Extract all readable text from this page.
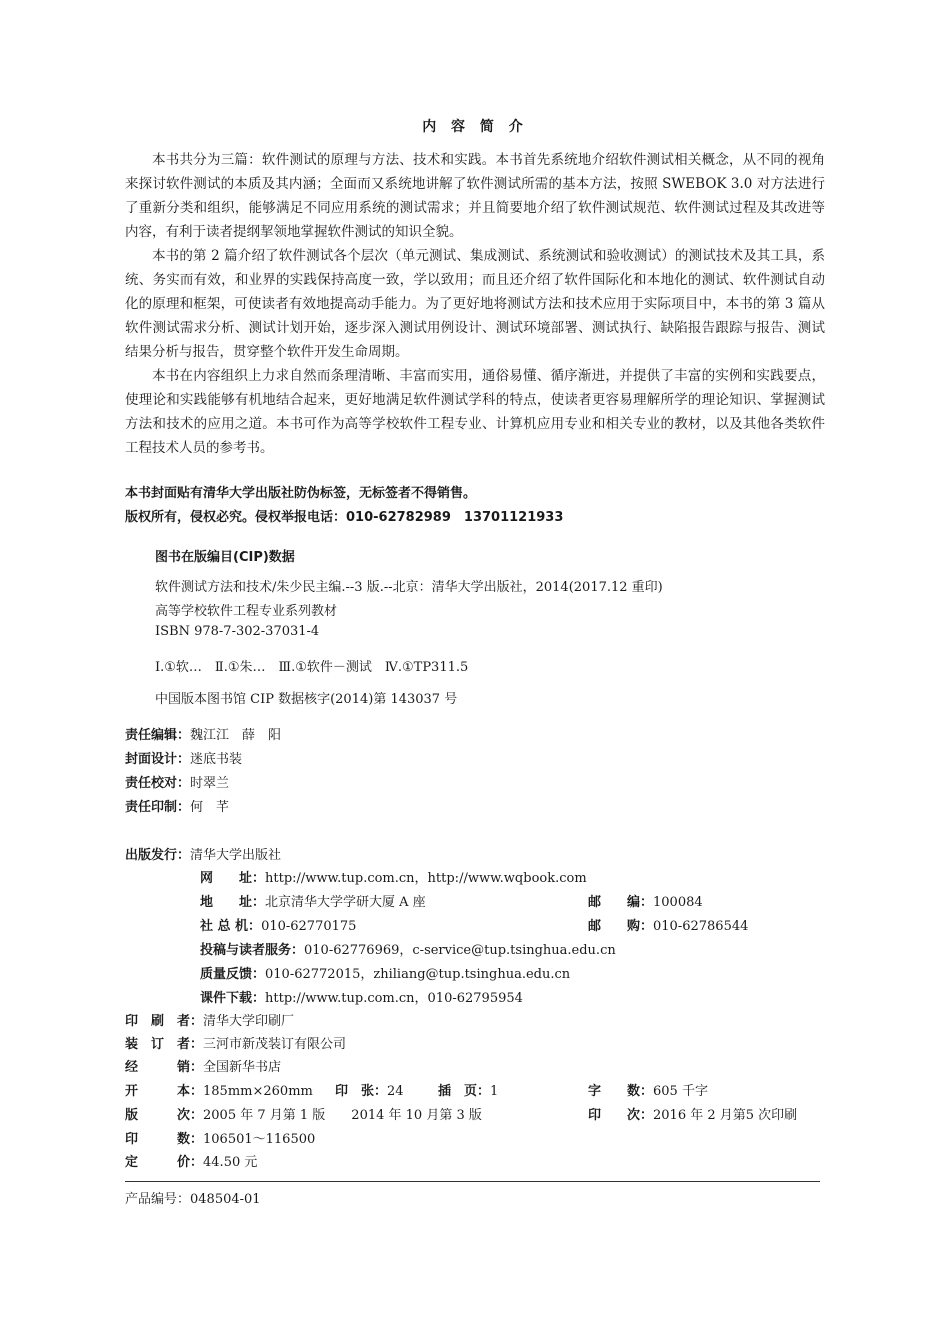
内 容 简 介

本书共分为三篇：软件测试的原理与方法、技术和实践。本书首先系统地介绍软件测试相关概念，从不同的视角来探讨软件测试的本质及其内涵；全面而又系统地讲解了软件测试所需的基本方法，按照 SWEBOK 3.0 对方法进行了重新分类和组织，能够满足不同应用系统的测试需求；并且简要地介绍了软件测试规范、软件测试过程及其改进等内容，有利于读者提纲挈领地掌握软件测试的知识全貌。

本书的第 2 篇介绍了软件测试各个层次（单元测试、集成测试、系统测试和验收测试）的测试技术及其工具，系统、务实而有效，和业界的实践保持高度一致，学以致用；而且还介绍了软件国际化和本地化的测试、软件测试自动化的原理和框架，可使读者有效地提高动手能力。为了更好地将测试方法和技术应用于实际项目中，本书的第 3 篇从软件测试需求分析、测试计划开始，逐步深入测试用例设计、测试环境部署、测试执行、缺陷报告跟踪与报告、测试结果分析与报告，贯穿整个软件开发生命周期。

本书在内容组织上力求自然而条理清晰、丰富而实用，通俗易懂、循序渐进，并提供了丰富的实例和实践要点，使理论和实践能够有机地结合起来，更好地满足软件测试学科的特点，使读者更容易理解所学的理论知识、掌握测试方法和技术的应用之道。本书可作为高等学校软件工程专业、计算机应用专业和相关专业的教材，以及其他各类软件工程技术人员的参考书。

本书封面贴有清华大学出版社防伪标签，无标签者不得销售。
版权所有，侵权必究。侵权举报电话：010-62782989　13701121933
图书在版编目(CIP)数据
软件测试方法和技术/朱少民主编.--3 版.--北京：清华大学出版社，2014(2017.12 重印)
高等学校软件工程专业系列教材
ISBN 978-7-302-37031-4
Ⅰ.①软…　Ⅱ.①朱…　Ⅲ.①软件－测试　Ⅳ.①TP311.5
中国版本图书馆 CIP 数据核字(2014)第 143037 号
责任编辑：魏江江　薛　阳
封面设计：迷底书装
责任校对：时翠兰
责任印制：何　芊
出版发行：清华大学出版社
网　　址：http://www.tup.com.cn，http://www.wqbook.com
地　　址：北京清华大学学研大厦 A 座	邮　　编：100084
社 总 机：010-62770175	邮　　购：010-62786544
投稿与读者服务：010-62776969，c-service@tup.tsinghua.edu.cn
质量反馈：010-62772015，zhiliang@tup.tsinghua.edu.cn
课件下载：http://www.tup.com.cn，010-62795954
印　刷　者：清华大学印刷厂
装　订　者：三河市新茂装订有限公司
经　　　销：全国新华书店
开　　　本：185mm×260mm 印　张：24	插　页：1	字　　数：605 千字
版　　　次：2005 年 7 月第 1 版　　2014 年 10 月第 3 版	印　　次：2016 年 2 月第5 次印刷
印　　　数：106501～116500
定　　　价：44.50 元
产品编号：048504-01
